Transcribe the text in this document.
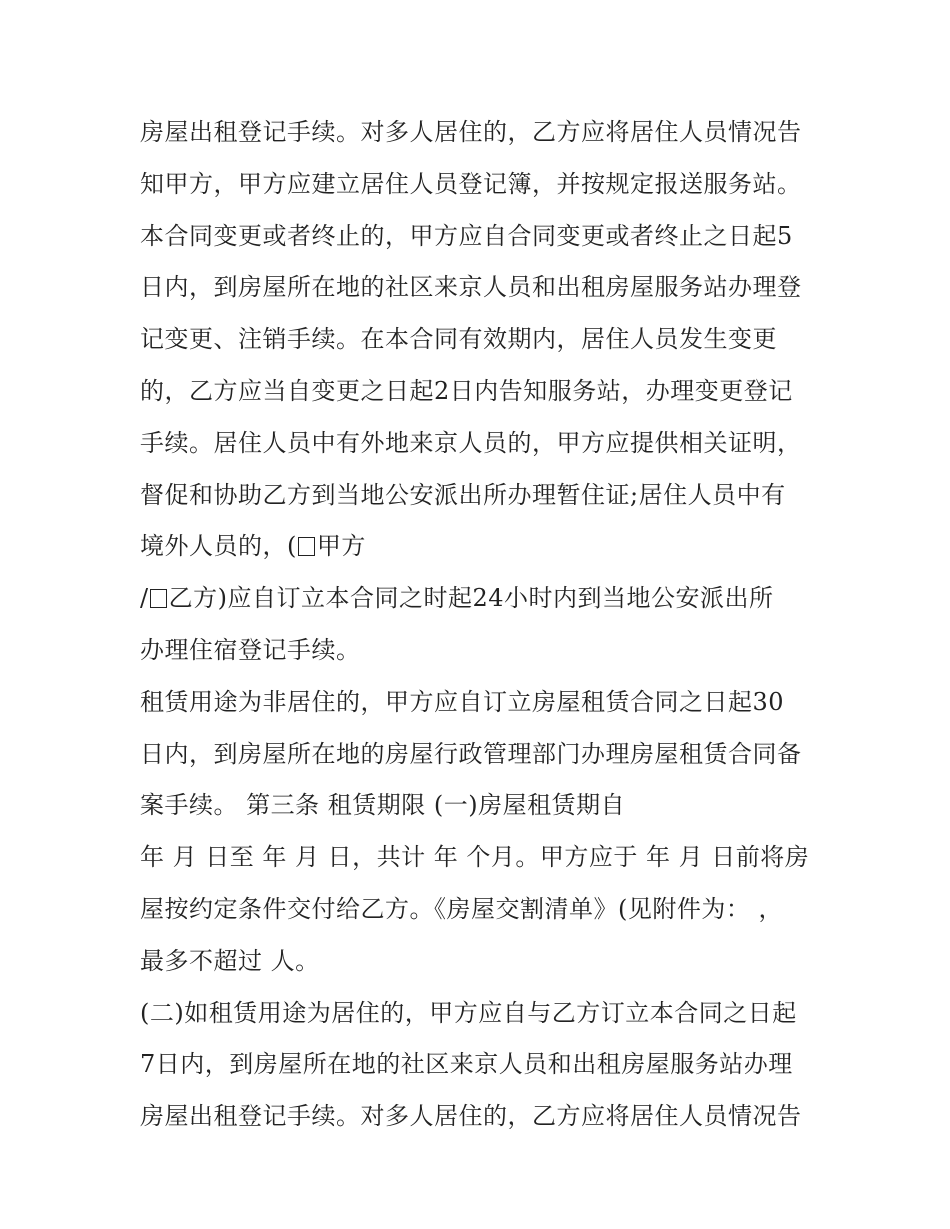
房屋出租登记手续。对多人居住的，乙方应将居住人员情况告
知甲方，甲方应建立居住人员登记簿，并按规定报送服务站。
本合同变更或者终止的，甲方应自合同变更或者终止之日起5
日内，到房屋所在地的社区来京人员和出租房屋服务站办理登
记变更、注销手续。在本合同有效期内，居住人员发生变更
的，乙方应当自变更之日起2日内告知服务站，办理变更登记
手续。居住人员中有外地来京人员的，甲方应提供相关证明，
督促和协助乙方到当地公安派出所办理暂住证;居住人员中有
境外人员的，( 甲方
/ 乙方)应自订立本合同之时起24小时内到当地公安派出所
办理住宿登记手续。
租赁用途为非居住的，甲方应自订立房屋租赁合同之日起30
日内，到房屋所在地的房屋行政管理部门办理房屋租赁合同备
案手续。 第三条 租赁期限 (一)房屋租赁期自
年 月 日至 年 月 日，共计 年 个月。甲方应于 年 月 日前将房
屋按约定条件交付给乙方。《房屋交割清单》(见附件为： ，
最多不超过 人。
(二)如租赁用途为居住的，甲方应自与乙方订立本合同之日起
7日内，到房屋所在地的社区来京人员和出租房屋服务站办理
房屋出租登记手续。对多人居住的，乙方应将居住人员情况告
